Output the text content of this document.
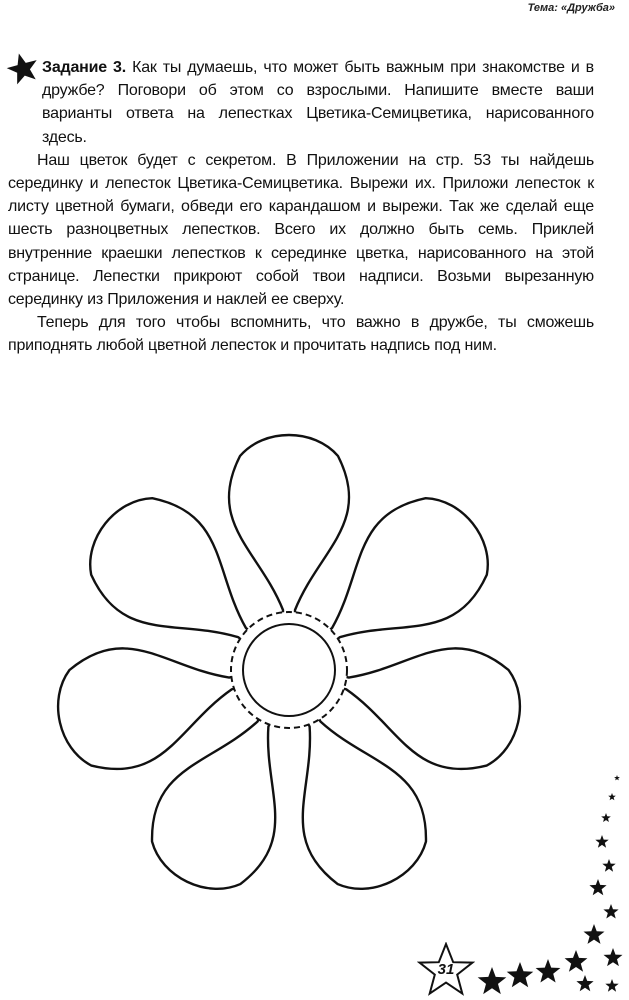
Тема: «Дружба»

Задание 3. Как ты думаешь, что может быть важным при знакомстве и в дружбе? Поговори об этом со взрослыми. Напишите вместе ваши варианты ответа на лепестках Цветика-Семицветика, нарисованного здесь.

Наш цветок будет с секретом. В Приложении на стр. 53 ты найдешь серединку и лепесток Цветика-Семицветика. Вырежи их. Приложи лепесток к листу цветной бумаги, обведи его карандашом и вырежи. Так же сделай еще шесть разноцветных лепестков. Всего их должно быть семь. Приклей внутренние краешки лепестков к серединке цветка, нарисованного на этой странице. Лепестки прикроют собой твои надписи. Возьми вырезанную серединку из Приложения и наклей ее сверху.

Теперь для того чтобы вспомнить, что важно в дружбе, ты сможешь приподнять любой цветной лепесток и прочитать надпись под ним.

31
